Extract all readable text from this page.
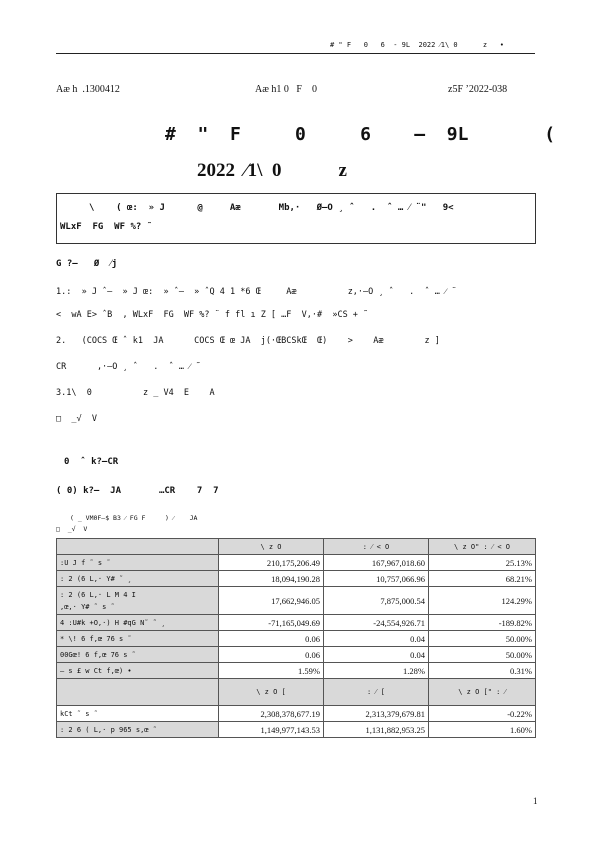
# " F   0   6  - 9L  2022 ⁄1\ 0      z   •
Aæ h  .1300412	Aæ h1 0   F    0	z5F ’2022-038
#  "  F     0     6    –  9L       (
2022  ⁄1\  0            z
\    ( œ:  » J      @     Aæ       Mb,·   Ø–O ¸ ˆ   .  ˆ … ⁄ ¨"   9<
WLxF  FG  WF %? ˜
G ?–   Ø  ⁄j
1.:  » J ˆ–  » J œ:  » ˆ–  » ˆQ 4 1 *6 Œ     Aæ          z,·–O ¸ ˆ   .  ˆ … ⁄ ¨
<  wA E> ˆB  , WLxF  FG  WF %? ¨ f fl ı Z [ …F  V,·#  »CS + ˜
2.   (COCS Œ ˆ k1  JA      COCS Œ œ JA  j(·ŒBCSkŒ  Œ)    >    Aæ        z ]
CR      ,·–O ¸ ˆ   .  ˆ … ⁄ ˜
3.1\  0          z _ V4  E    A
□  _√  V
0  ˆ k?–CR
( 0) k?–  JA       …CR    7  7
( _ VM0F–$ B3 ⁄ FG F     ) ⁄    JA
□  _√  V
	\ z O	: ⁄ < O	\ z O" : ⁄ < O
:U J f ˜ s ˜	210,175,206.49	167,967,018.60	25.13%
: 2 (6 L,· Y# ˜ ¸	18,094,190.28	10,757,066.96	68.21%
: 2 (6 L,· L M 4 I
,œ,· Y# ˜ s ˜	17,662,946.05	7,875,000.54	124.29%
4 :U#k +O,·) H #qG N˜ ˜ ¸	-71,165,049.69	-24,554,926.71	-189.82%
* \! 6 f,œ 76 s ˜	0.06	0.04	50.00%
00Gœ! 6 f,œ 76 s ˜	0.06	0.04	50.00%
– s £ w Ct f,œ) •	1.59%	1.28%	0.31%
	\ z O [	: ⁄ [	\ z O [" : ⁄
kCt ˜ s ˜	2,308,378,677.19	2,313,379,679.81	-0.22%
: 2 6 ( L,· p 965 s,œ ˜	1,149,977,143.53	1,131,882,953.25	1.60%
1
